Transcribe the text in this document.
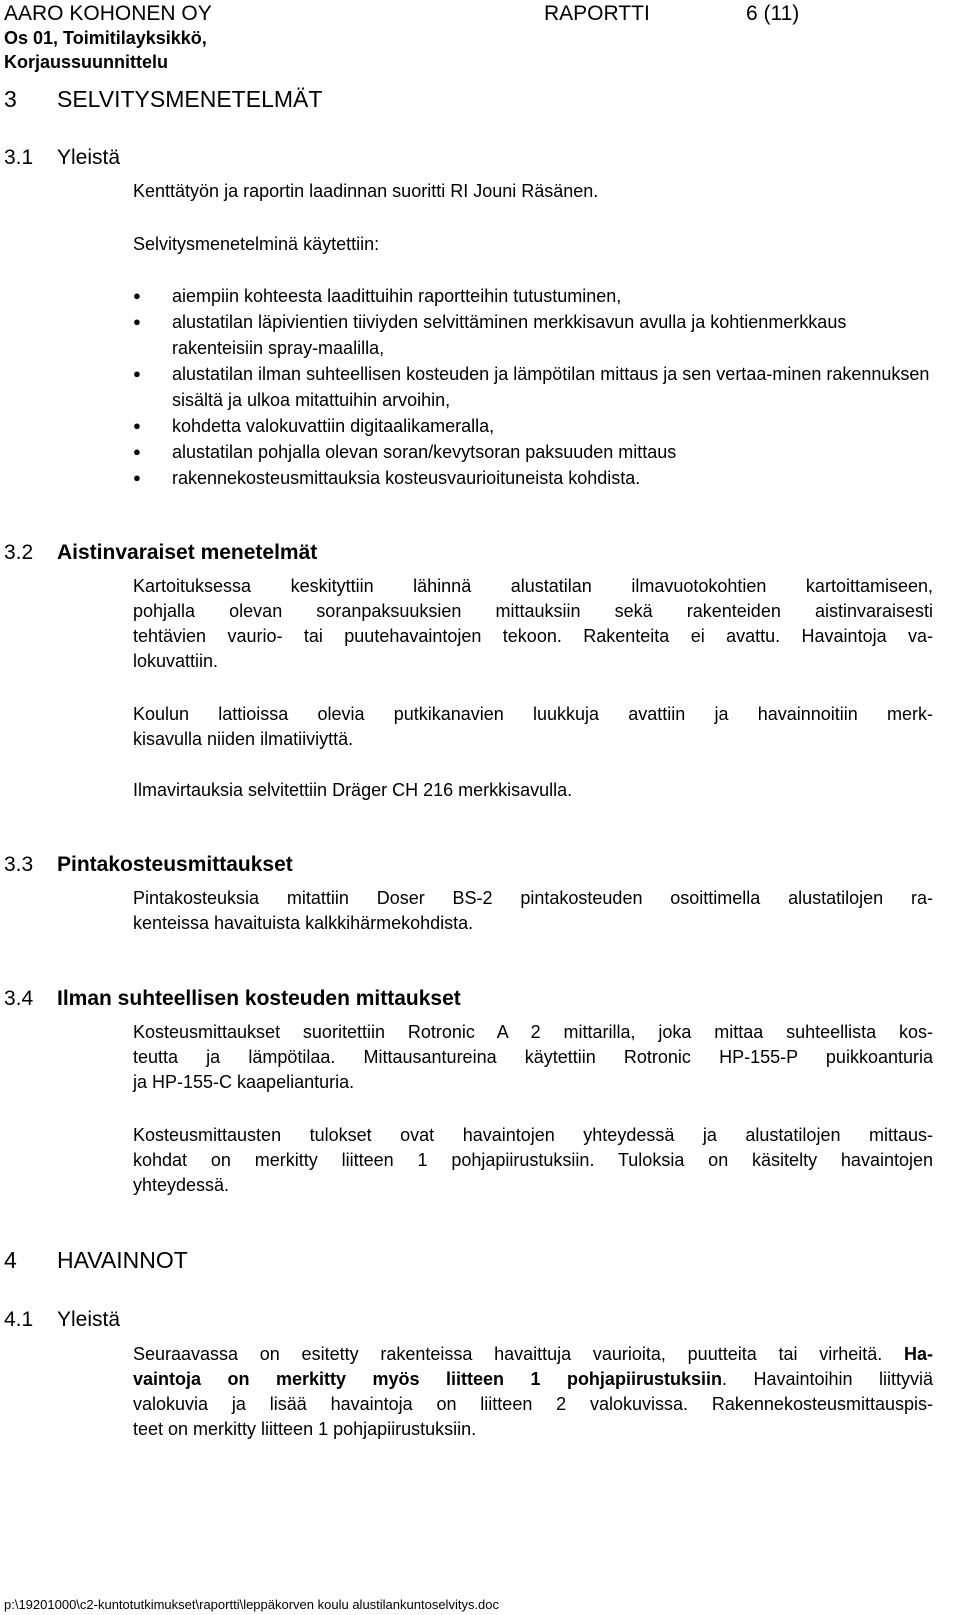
AARO KOHONEN OY	RAPORTTI	6 (11)
Os 01, Toimitilayksikkö,
Korjaussuunnittelu
3 SELVITYSMENETELMÄT
3.1 Yleistä
Kenttätyön ja raportin laadinnan suoritti RI Jouni Räsänen.
Selvitysmenetelminä käytettiin:
● aiempiin kohteesta laadittuihin raportteihin tutustuminen,
● alustatilan läpivientien tiiviyden selvittäminen merkkisavun avulla ja kohtienmerkkaus rakenteisiin spray-maalilla,
● alustatilan ilman suhteellisen kosteuden ja lämpötilan mittaus ja sen vertaa-minen rakennuksen sisältä ja ulkoa mitattuihin arvoihin,
● kohdetta valokuvattiin digitaalikameralla,
● alustatilan pohjalla olevan soran/kevytsoran paksuuden mittaus
● rakennekosteusmittauksia kosteusvaurioituneista kohdista.
3.2 Aistinvaraiset menetelmät
Kartoituksessa keskityttiin lähinnä alustatilan ilmavuotokohtien kartoittamiseen,
pohjalla olevan soranpaksuuksien mittauksiin sekä rakenteiden aistinvaraisesti
tehtävien vaurio- tai puutehavaintojen tekoon. Rakenteita ei avattu. Havaintoja va-
lokuvattiin.
Koulun lattioissa olevia putkikanavien luukkuja avattiin ja havainnoitiin merk-
kisavulla niiden ilmatiiviyttä.
Ilmavirtauksia selvitettiin Dräger CH 216 merkkisavulla.
3.3 Pintakosteusmittaukset
Pintakosteuksia mitattiin Doser BS-2 pintakosteuden osoittimella alustatilojen ra-
kenteissa havaituista kalkkihärmekohdista.
3.4 Ilman suhteellisen kosteuden mittaukset
Kosteusmittaukset suoritettiin Rotronic A 2 mittarilla, joka mittaa suhteellista kos-
teutta ja lämpötilaa. Mittausantureina käytettiin Rotronic HP-155-P puikkoanturia
ja HP-155-C kaapelianturia.
Kosteusmittausten tulokset ovat havaintojen yhteydessä ja alustatilojen mittaus-
kohdat on merkitty liitteen 1 pohjapiirustuksiin. Tuloksia on käsitelty havaintojen
yhteydessä.
4 HAVAINNOT
4.1 Yleistä
Seuraavassa on esitetty rakenteissa havaittuja vaurioita, puutteita tai virheitä. Ha-
vaintoja on merkitty myös liitteen 1 pohjapiirustuksiin. Havaintoihin liittyviä
valokuvia ja lisää havaintoja on liitteen 2 valokuvissa. Rakennekosteusmittauspis-
teet on merkitty liitteen 1 pohjapiirustuksiin.
p:\19201000\c2-kuntotutkimukset\raportti\leppäkorven koulu alustilankuntoselvitys.doc
